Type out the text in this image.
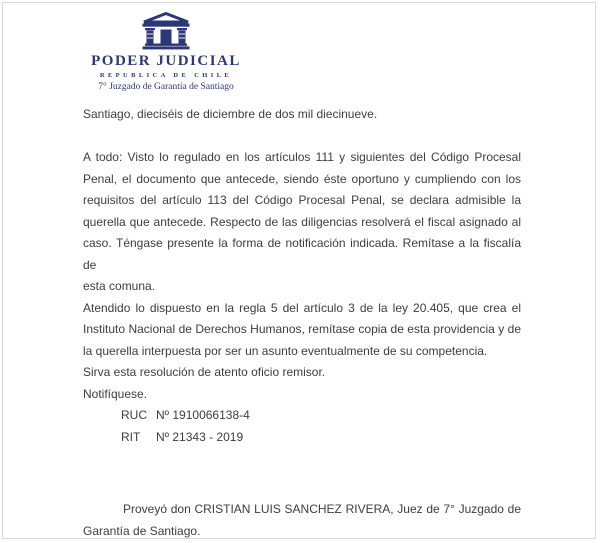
PODER JUDICIAL
REPUBLICA DE CHILE
7° Juzgado de Garantía de Santiago
Santiago, dieciséis de diciembre de dos mil diecinueve.
A todo: Visto lo regulado en los artículos 111 y siguientes del Código Procesal
Penal, el documento que antecede, siendo éste oportuno y cumpliendo con los
requisitos del artículo 113 del Código Procesal Penal, se declara admisible la
querella que antecede. Respecto de las diligencias resolverá el fiscal asignado al
caso. Téngase presente la forma de notificación indicada. Remítase a la fiscalía de
esta comuna.
Atendido lo dispuesto en la regla 5 del artículo 3 de la ley 20.405, que crea el
Instituto Nacional de Derechos Humanos, remítase copia de esta providencia y de
la querella interpuesta por ser un asunto eventualmente de su competencia.
Sirva esta resolución de atento oficio remisor.
Notifíquese.
RUC Nº 1910066138-4
RIT Nº 21343 - 2019
Proveyó don CRISTIAN LUIS SANCHEZ RIVERA, Juez de 7° Juzgado de
Garantía de Santiago.
